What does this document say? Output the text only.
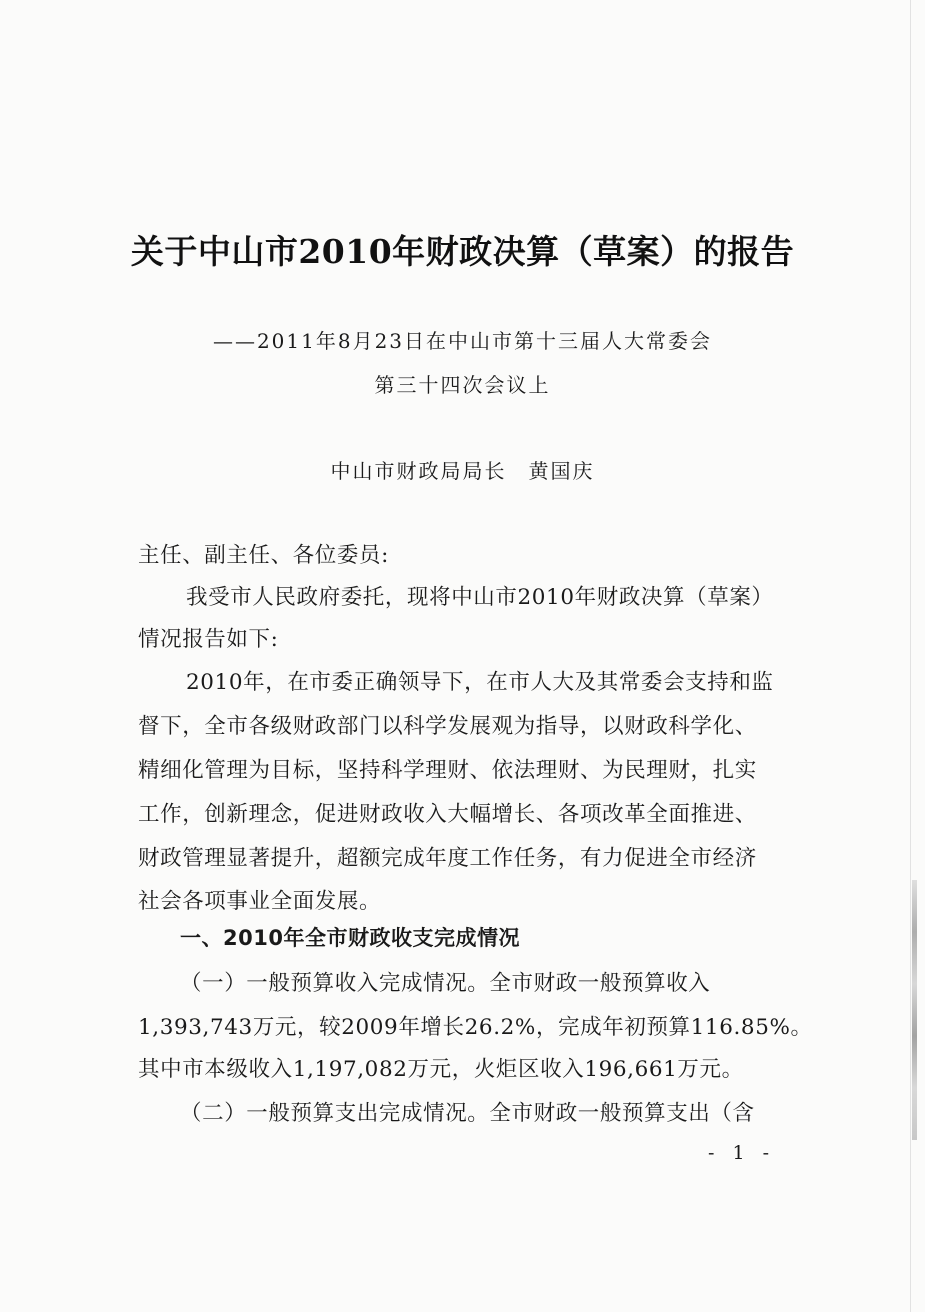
关于中山市2010年财政决算（草案）的报告
——2011年8月23日在中山市第十三届人大常委会
第三十四次会议上
中山市财政局局长　黄国庆
主任、副主任、各位委员:
我受市人民政府委托，现将中山市2010年财政决算（草案）
情况报告如下:
2010年，在市委正确领导下，在市人大及其常委会支持和监
督下，全市各级财政部门以科学发展观为指导，以财政科学化、
精细化管理为目标，坚持科学理财、依法理财、为民理财，扎实
工作，创新理念，促进财政收入大幅增长、各项改革全面推进、
财政管理显著提升，超额完成年度工作任务，有力促进全市经济
社会各项事业全面发展。
一、2010年全市财政收支完成情况
（一）一般预算收入完成情况。全市财政一般预算收入
1,393,743万元，较2009年增长26.2%，完成年初预算116.85%。
其中市本级收入1,197,082万元，火炬区收入196,661万元。
（二）一般预算支出完成情况。全市财政一般预算支出（含
- 1 -
